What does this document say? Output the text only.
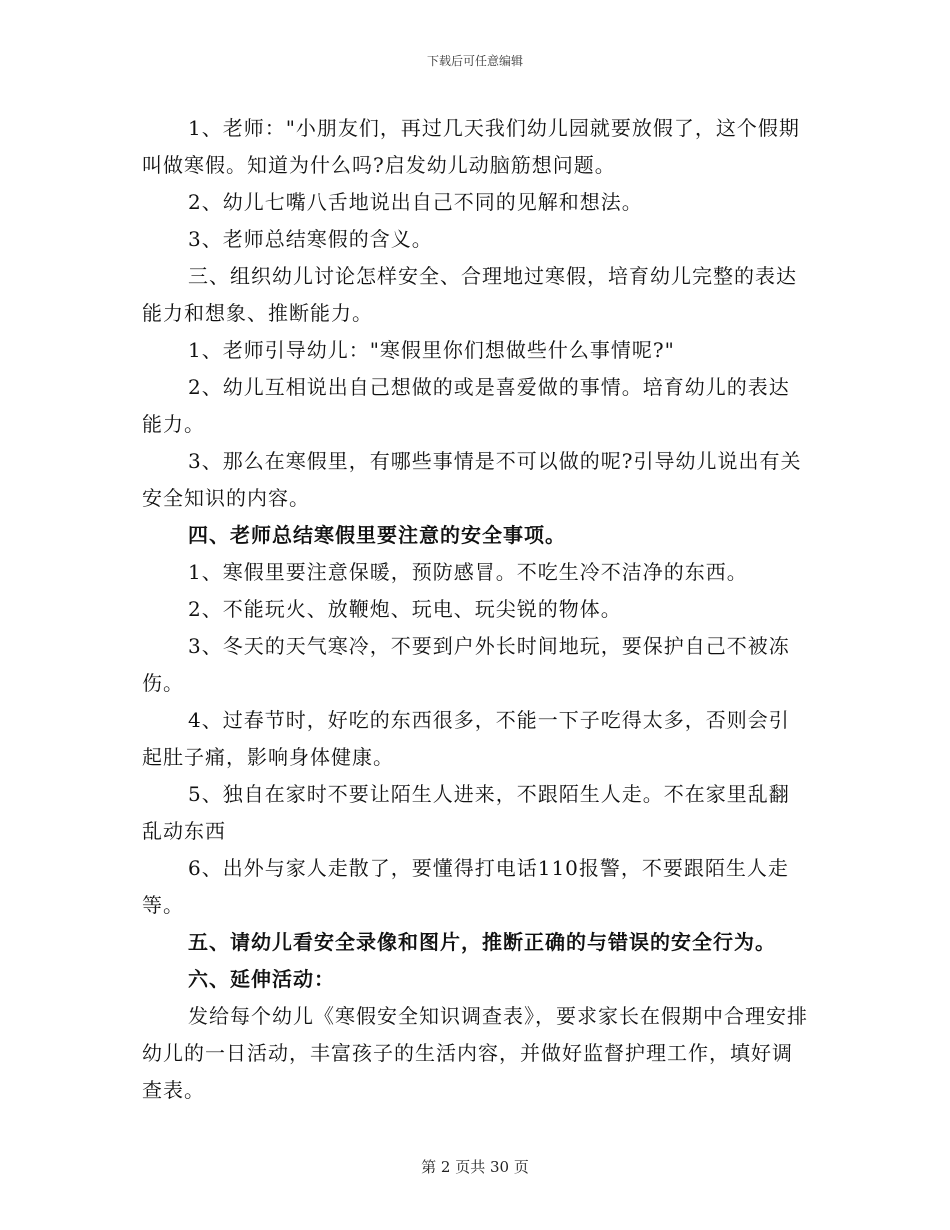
下载后可任意编辑

1、老师："小朋友们，再过几天我们幼儿园就要放假了，这个假期叫做寒假。知道为什么吗?启发幼儿动脑筋想问题。

2、幼儿七嘴八舌地说出自己不同的见解和想法。

3、老师总结寒假的含义。

三、组织幼儿讨论怎样安全、合理地过寒假，培育幼儿完整的表达能力和想象、推断能力。

1、老师引导幼儿："寒假里你们想做些什么事情呢?"

2、幼儿互相说出自己想做的或是喜爱做的事情。培育幼儿的表达能力。

3、那么在寒假里，有哪些事情是不可以做的呢?引导幼儿说出有关安全知识的内容。

四、老师总结寒假里要注意的安全事项。

1、寒假里要注意保暖，预防感冒。不吃生冷不洁净的东西。

2、不能玩火、放鞭炮、玩电、玩尖锐的物体。

3、冬天的天气寒冷，不要到户外长时间地玩，要保护自己不被冻伤。

4、过春节时，好吃的东西很多，不能一下子吃得太多，否则会引起肚子痛，影响身体健康。

5、独自在家时不要让陌生人进来，不跟陌生人走。不在家里乱翻乱动东西

6、出外与家人走散了，要懂得打电话110报警，不要跟陌生人走等。

五、请幼儿看安全录像和图片，推断正确的与错误的安全行为。

六、延伸活动：

发给每个幼儿《寒假安全知识调查表》，要求家长在假期中合理安排幼儿的一日活动，丰富孩子的生活内容，并做好监督护理工作，填好调查表。

第 2 页共 30 页
